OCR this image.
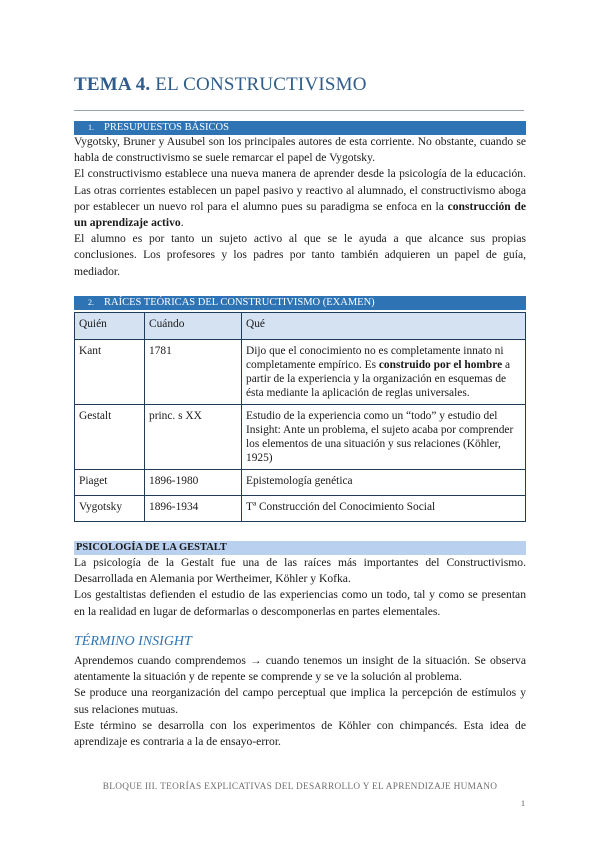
TEMA 4. EL CONSTRUCTIVISMO
1. PRESUPUESTOS BÁSICOS

Vygotsky, Bruner y Ausubel son los principales autores de esta corriente. No obstante, cuando se habla de constructivismo se suele remarcar el papel de Vygotsky.

El constructivismo establece una nueva manera de aprender desde la psicología de la educación. Las otras corrientes establecen un papel pasivo y reactivo al alumnado, el constructivismo aboga por establecer un nuevo rol para el alumno pues su paradigma se enfoca en la construcción de un aprendizaje activo.

El alumno es por tanto un sujeto activo al que se le ayuda a que alcance sus propias conclusiones. Los profesores y los padres por tanto también adquieren un papel de guía, mediador.

2. RAÍCES TEÓRICAS DEL CONSTRUCTIVISMO (EXAMEN)
Quién	Cuándo	Qué
Kant	1781	Dijo que el conocimiento no es completamente innato ni completamente empírico. Es construido por el hombre a partir de la experiencia y la organización en esquemas de ésta mediante la aplicación de reglas universales.
Gestalt	princ. s XX	Estudio de la experiencia como un “todo” y estudio del Insight: Ante un problema, el sujeto acaba por comprender los elementos de una situación y sus relaciones (Köhler, 1925)
Piaget	1896-1980	Epistemología genética
Vygotsky	1896-1934	Tª Construcción del Conocimiento Social
PSICOLOGÍA DE LA GESTALT

La psicología de la Gestalt fue una de las raíces más importantes del Constructivismo. Desarrollada en Alemania por Wertheimer, Köhler y Kofka.

Los gestaltistas defienden el estudio de las experiencias como un todo, tal y como se presentan en la realidad en lugar de deformarlas o descomponerlas en partes elementales.

TÉRMINO INSIGHT

Aprendemos cuando comprendemos → cuando tenemos un insight de la situación. Se observa atentamente la situación y de repente se comprende y se ve la solución al problema.

Se produce una reorganización del campo perceptual que implica la percepción de estímulos y sus relaciones mutuas.

Este término se desarrolla con los experimentos de Köhler con chimpancés. Esta idea de aprendizaje es contraria a la de ensayo-error.

BLOQUE III. TEORÍAS EXPLICATIVAS DEL DESARROLLO Y EL APRENDIZAJE HUMANO
1
